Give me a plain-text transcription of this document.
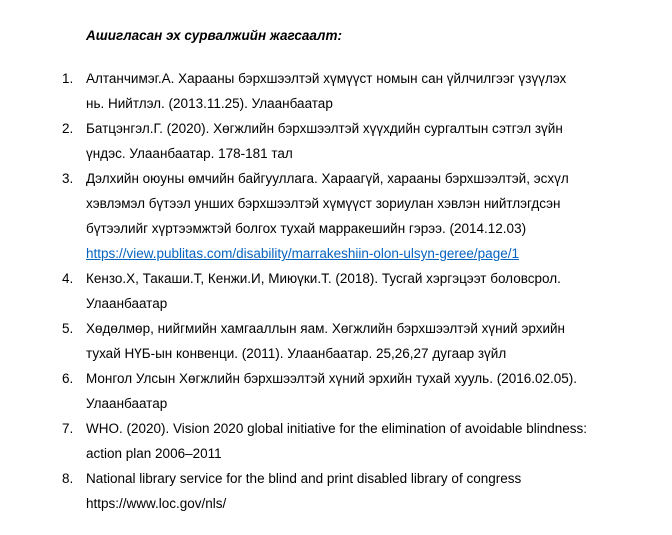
Ашигласан эх сурвалжийн жагсаалт:
1. Алтанчимэг.А. Харааны бэрхшээлтэй хүмүүст номын сан үйлчилгээг үзүүлэх
нь. Нийтлэл. (2013.11.25). Улаанбаатар
2. Батцэнгэл.Г. (2020). Хөгжлийн бэрхшээлтэй хүүхдийн сургалтын сэтгэл зүйн
үндэс. Улаанбаатар. 178-181 тал
3. Дэлхийн оюуны өмчийн байгууллага. Хараагүй, харааны бэрхшээлтэй, эсхүл
хэвлэмэл бүтээл унших бэрхшээлтэй хүмүүст зориулан хэвлэн нийтлэгдсэн
бүтээлийг хүртээмжтэй болгох тухай марракешийн гэрээ. (2014.12.03)
https://view.publitas.com/disability/marrakeshiin-olon-ulsyn-geree/page/1
4. Кензо.Х, Такаши.Т, Кенжи.И, Миюүки.Т. (2018). Тусгай хэргэцээт боловсрол.
Улаанбаатар
5. Хөдөлмөр, нийгмийн хамгааллын яам. Хөгжлийн бэрхшээлтэй хүний эрхийн
тухай НҮБ-ын конвенци. (2011). Улаанбаатар. 25,26,27 дугаар зүйл
6. Монгол Улсын Хөгжлийн бэрхшээлтэй хүний эрхийн тухай хууль. (2016.02.05).
Улаанбаатар
7. WHO. (2020). Vision 2020 global initiative for the elimination of avoidable blindness:
action plan 2006–2011
8. National library service for the blind and print disabled library of congress
https://www.loc.gov/nls/
